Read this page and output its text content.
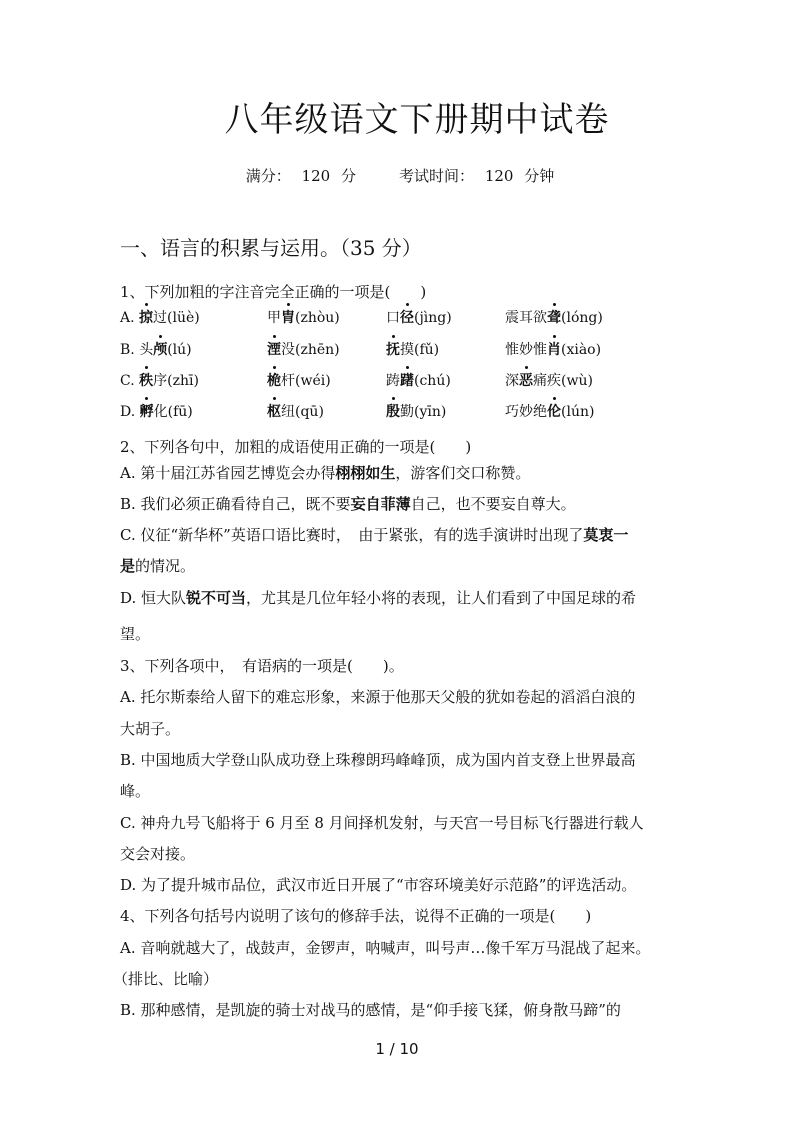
八年级语文下册期中试卷
满分： 120 分	考试时间： 120 分钟
一、语言的积累与运用。（35 分）
1、下列加粗的字注音完全正确的一项是(　　)
A. 掠过(lüè)	甲胄(zhòu)	口径(jìng)	震耳欲聋(lóng)
B. 头颅(lú)	湮没(zhēn)	抚摸(fǔ)	惟妙惟肖(xiào)
C. 秩序(zhī)	桅杆(wéi)	踌躇(chú)	深恶痛疾(wù)
D. 孵化(fū)	枢纽(qū)	殷勤(yīn)	巧妙绝伦(lún)
2、下列各句中，加粗的成语使用正确的一项是(　　)
A. 第十届江苏省园艺博览会办得栩栩如生，游客们交口称赞。
B. 我们必须正确看待自己，既不要妄自菲薄自己，也不要妄自尊大。
C. 仪征“新华杯”英语口语比赛时，　由于紧张，有的选手演讲时出现了莫衷一
是的情况。
D. 恒大队锐不可当，尤其是几位年轻小将的表现，让人们看到了中国足球的希
望。
3、下列各项中，　有语病的一项是(　　)。
A. 托尔斯泰给人留下的难忘形象，来源于他那天父般的犹如卷起的滔滔白浪的
大胡子。
B. 中国地质大学登山队成功登上珠穆朗玛峰峰顶，成为国内首支登上世界最高
峰。
C. 神舟九号飞船将于 6 月至 8 月间择机发射，与天宫一号目标飞行器进行载人
交会对接。
D. 为了提升城市品位，武汉市近日开展了“市容环境美好示范路”的评选活动。
4、下列各句括号内说明了该句的修辞手法，说得不正确的一项是(　　)
A. 音响就越大了，战鼓声，金锣声，呐喊声，叫号声…像千军万马混战了起来。
（排比、比喻）
B. 那种感情，是凯旋的骑士对战马的感情，是“仰手接飞猱，俯身散马蹄”的
1 / 10
